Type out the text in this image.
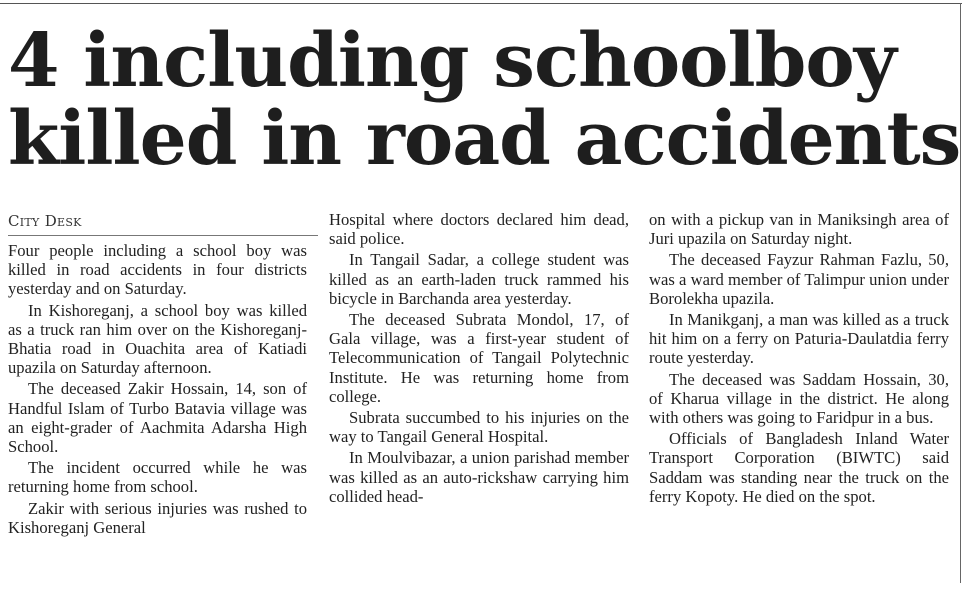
4 including schoolboy
killed in road accidents
City Desk

Four people including a school boy was killed in road accidents in four districts yesterday and on Saturday.

In Kishoreganj, a school boy was killed as a truck ran him over on the Kishoreganj-Bhatia road in Ouachita area of Katiadi upazila on Saturday afternoon.

The deceased Zakir Hossain, 14, son of Handful Islam of Turbo Batavia village was an eight-grader of Aachmita Adarsha High School.

The incident occurred while he was returning home from school.

Zakir with serious injuries was rushed to Kishoreganj General

Hospital where doctors declared him dead, said police.

In Tangail Sadar, a college student was killed as an earth-laden truck rammed his bicycle in Barchanda area yesterday.

The deceased Subrata Mondol, 17, of Gala village, was a first-year student of Telecommunication of Tangail Polytechnic Institute. He was returning home from college.

Subrata succumbed to his injuries on the way to Tangail General Hospital.

In Moulvibazar, a union parishad member was killed as an auto-rickshaw carrying him collided head-

on with a pickup van in Maniksingh area of Juri upazila on Saturday night.

The deceased Fayzur Rahman Fazlu, 50, was a ward member of Talimpur union under Borolekha upazila.

In Manikganj, a man was killed as a truck hit him on a ferry on Paturia-Daulatdia ferry route yesterday.

The deceased was Saddam Hossain, 30, of Kharua village in the district. He along with others was going to Faridpur in a bus.

Officials of Bangladesh Inland Water Transport Corporation (BIWTC) said Saddam was standing near the truck on the ferry Kopoty. He died on the spot.
